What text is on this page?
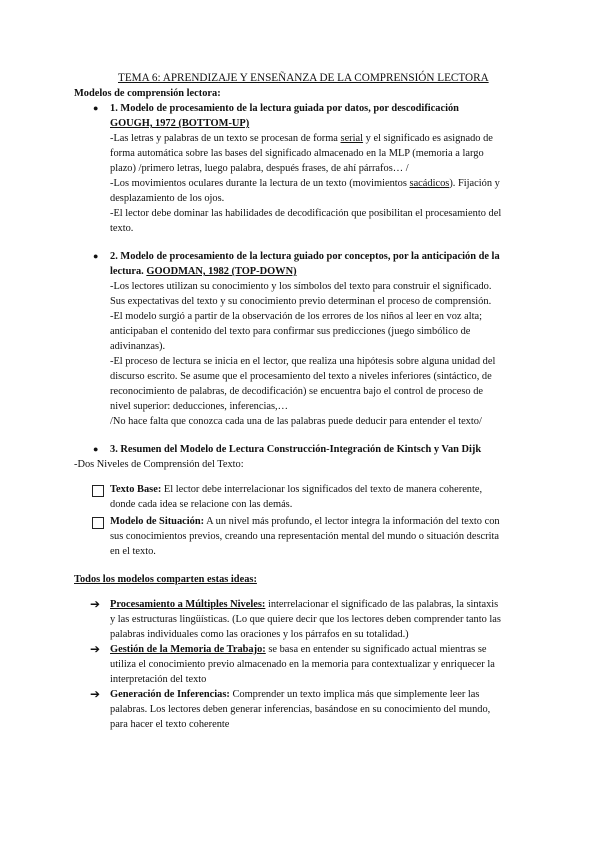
TEMA 6: APRENDIZAJE Y ENSEÑANZA DE LA COMPRENSIÓN LECTORA

Modelos de comprensión lectora:

● 1. Modelo de procesamiento de la lectura guiada por datos, por descodificación

GOUGH, 1972 (BOTTOM-UP)

-Las letras y palabras de un texto se procesan de forma serial y el significado es asignado de

forma automática sobre las bases del significado almacenado en la MLP (memoria a largo

plazo) /primero letras, luego palabra, después frases, de ahí párrafos… /

-Los movimientos oculares durante la lectura de un texto (movimientos sacádicos). Fijación y

desplazamiento de los ojos.

-El lector debe dominar las habilidades de decodificación que posibilitan el procesamiento del

texto.

● 2. Modelo de procesamiento de la lectura guiado por conceptos, por la anticipación de la

lectura. GOODMAN, 1982 (TOP-DOWN)

-Los lectores utilizan su conocimiento y los símbolos del texto para construir el significado.

Sus expectativas del texto y su conocimiento previo determinan el proceso de comprensión.

-El modelo surgió a partir de la observación de los errores de los niños al leer en voz alta;

anticipaban el contenido del texto para confirmar sus predicciones (juego simbólico de

adivinanzas).

-El proceso de lectura se inicia en el lector, que realiza una hipótesis sobre alguna unidad del

discurso escrito. Se asume que el procesamiento del texto a niveles inferiores (sintáctico, de

reconocimiento de palabras, de decodificación) se encuentra bajo el control de proceso de

nivel superior: deducciones, inferencias,…

/No hace falta que conozca cada una de las palabras puede deducir para entender el texto/

● 3. Resumen del Modelo de Lectura Construcción-Integración de Kintsch y Van Dijk

-Dos Niveles de Comprensión del Texto:

Texto Base: El lector debe interrelacionar los significados del texto de manera coherente,

donde cada idea se relacione con las demás.

Modelo de Situación: A un nivel más profundo, el lector integra la información del texto con

sus conocimientos previos, creando una representación mental del mundo o situación descrita

en el texto.

Todos los modelos comparten estas ideas:

➔ Procesamiento a Múltiples Niveles: interrelacionar el significado de las palabras, la sintaxis

y las estructuras lingüísticas. (Lo que quiere decir que los lectores deben comprender tanto las

palabras individuales como las oraciones y los párrafos en su totalidad.)

➔ Gestión de la Memoria de Trabajo: se basa en entender su significado actual mientras se

utiliza el conocimiento previo almacenado en la memoria para contextualizar y enriquecer la

interpretación del texto

➔ Generación de Inferencias: Comprender un texto implica más que simplemente leer las

palabras. Los lectores deben generar inferencias, basándose en su conocimiento del mundo,

para hacer el texto coherente
